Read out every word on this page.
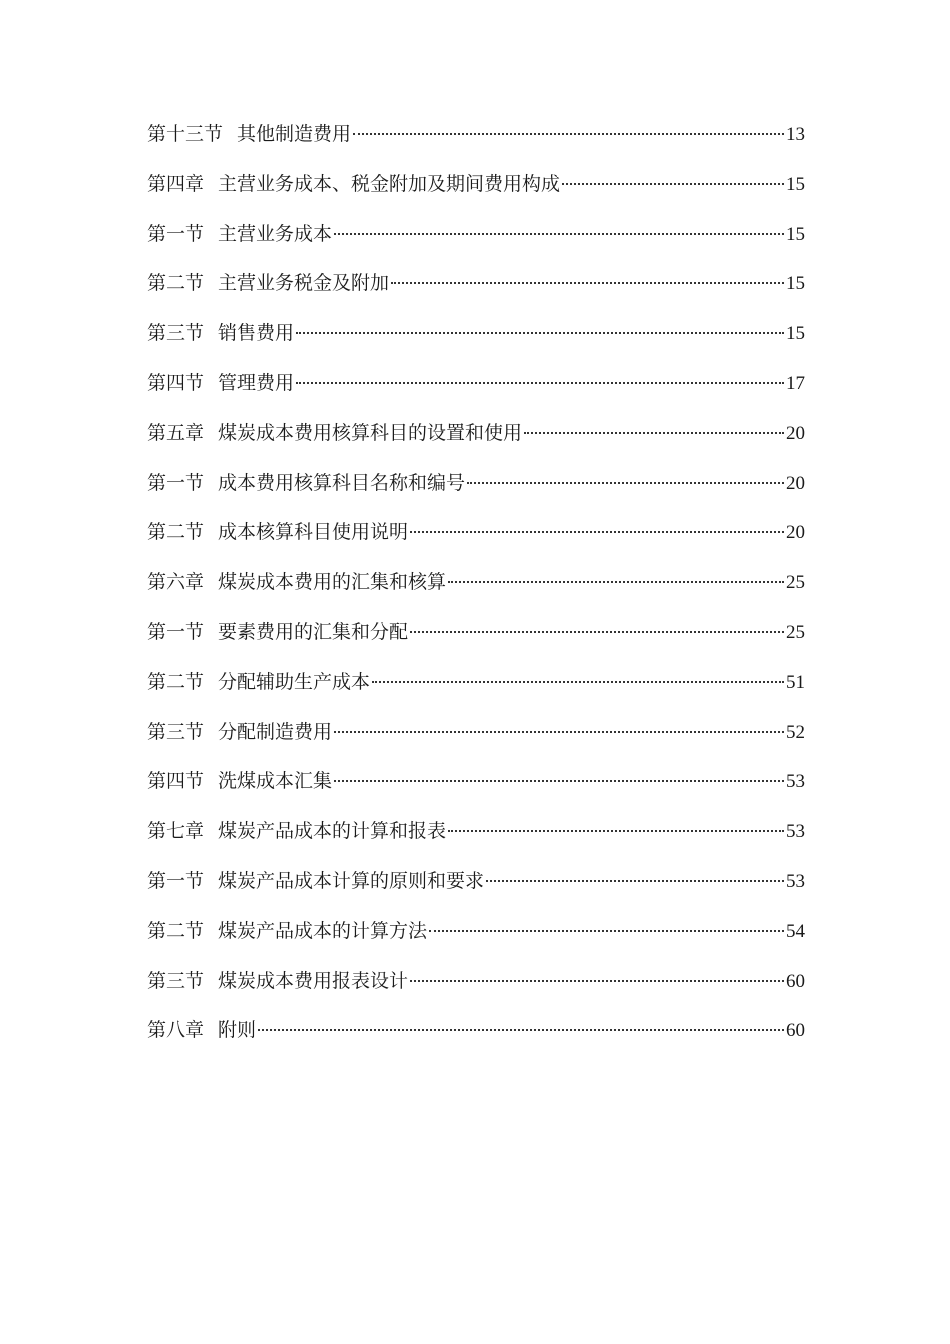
第十三节 其他制造费用	13
第四章 主营业务成本、税金附加及期间费用构成	15
第一节 主营业务成本	15
第二节 主营业务税金及附加	15
第三节 销售费用	15
第四节 管理费用	17
第五章 煤炭成本费用核算科目的设置和使用	20
第一节 成本费用核算科目名称和编号	20
第二节 成本核算科目使用说明	20
第六章 煤炭成本费用的汇集和核算	25
第一节 要素费用的汇集和分配	25
第二节 分配辅助生产成本	51
第三节 分配制造费用	52
第四节 洗煤成本汇集	53
第七章 煤炭产品成本的计算和报表	53
第一节 煤炭产品成本计算的原则和要求	53
第二节 煤炭产品成本的计算方法	54
第三节 煤炭成本费用报表设计	60
第八章 附则	60
